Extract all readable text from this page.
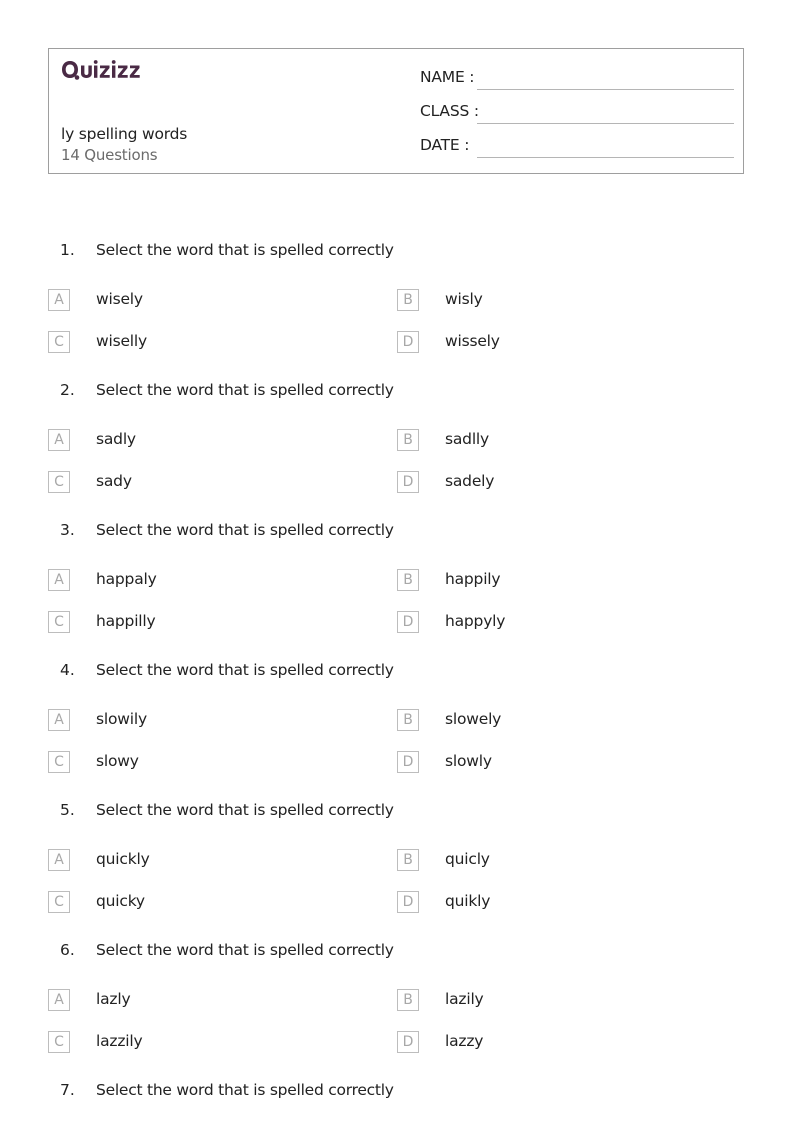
ly spelling words
14 Questions
NAME :
CLASS :
DATE :
1. Select the word that is spelled correctly
A	wisely	B	wisly
C	wiselly	D	wissely
2. Select the word that is spelled correctly
A	sadly	B	sadlly
C	sady	D	sadely
3. Select the word that is spelled correctly
A	happaly	B	happily
C	happilly	D	happyly
4. Select the word that is spelled correctly
A	slowily	B	slowely
C	slowy	D	slowly
5. Select the word that is spelled correctly
A	quickly	B	quicly
C	quicky	D	quikly
6. Select the word that is spelled correctly
A	lazly	B	lazily
C	lazzily	D	lazzy
7. Select the word that is spelled correctly
